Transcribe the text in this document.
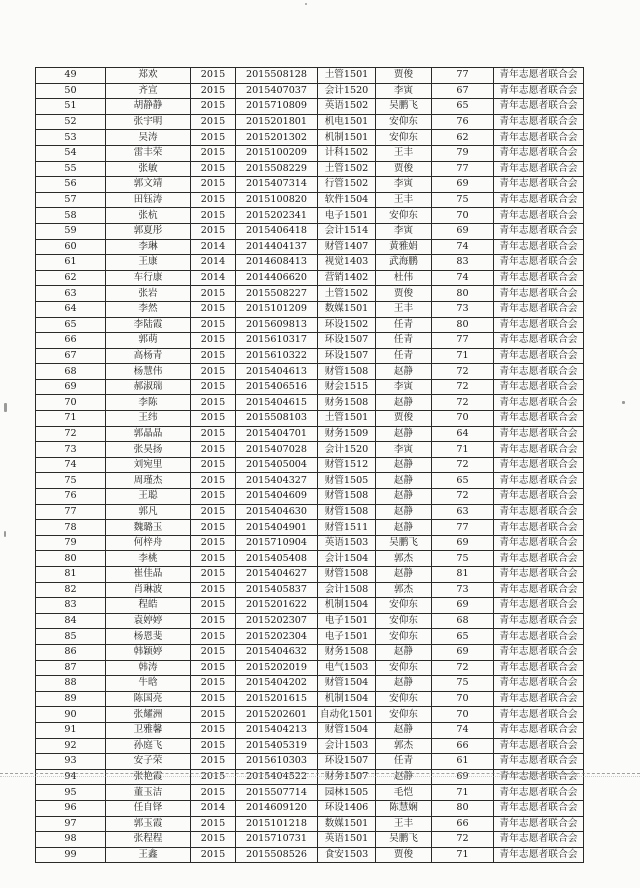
49	郑欢	2015	2015508128	土管1501	贾俊	77	青年志愿者联合会
50	齐宣	2015	2015407037	会计1520	李寅	67	青年志愿者联合会
51	胡静静	2015	2015710809	英语1502	吴鹏飞	65	青年志愿者联合会
52	张宇明	2015	2015201801	机电1501	安仰东	76	青年志愿者联合会
53	吴涛	2015	2015201302	机制1501	安仰东	62	青年志愿者联合会
54	雷丰荣	2015	2015100209	计科1502	王丰	79	青年志愿者联合会
55	张敏	2015	2015508229	土管1502	贾俊	77	青年志愿者联合会
56	郭文靖	2015	2015407314	行管1502	李寅	69	青年志愿者联合会
57	田钰涛	2015	2015100820	软件1504	王丰	75	青年志愿者联合会
58	张杭	2015	2015202341	电子1501	安仰东	70	青年志愿者联合会
59	郭夏彤	2015	2015406418	会计1514	李寅	69	青年志愿者联合会
60	李琳	2014	2014404137	财管1407	黄雅娟	74	青年志愿者联合会
61	王康	2014	2014608413	视觉1403	武海鹏	83	青年志愿者联合会
62	车行康	2014	2014406620	营销1402	杜伟	74	青年志愿者联合会
63	张岩	2015	2015508227	土管1502	贾俊	80	青年志愿者联合会
64	李然	2015	2015101209	数媒1501	王丰	73	青年志愿者联合会
65	李陆霞	2015	2015609813	环设1502	任青	80	青年志愿者联合会
66	郭萌	2015	2015610317	环设1507	任青	77	青年志愿者联合会
67	高杨青	2015	2015610322	环设1507	任青	71	青年志愿者联合会
68	杨慧伟	2015	2015404613	财管1508	赵静	72	青年志愿者联合会
69	郝淑瑞	2015	2015406516	财会1515	李寅	72	青年志愿者联合会
70	李陈	2015	2015404615	财务1508	赵静	72	青年志愿者联合会
71	王纬	2015	2015508103	土管1501	贾俊	70	青年志愿者联合会
72	郭晶晶	2015	2015404701	财务1509	赵静	64	青年志愿者联合会
73	张昊扬	2015	2015407028	会计1520	李寅	71	青年志愿者联合会
74	刘宛里	2015	2015405004	财管1512	赵静	72	青年志愿者联合会
75	周瑾杰	2015	2015404327	财管1505	赵静	65	青年志愿者联合会
76	王聪	2015	2015404609	财管1508	赵静	72	青年志愿者联合会
77	郭凡	2015	2015404630	财管1508	赵静	63	青年志愿者联合会
78	魏璐玉	2015	2015404901	财管1511	赵静	77	青年志愿者联合会
79	何梓舟	2015	2015710904	英语1503	吴鹏飞	69	青年志愿者联合会
80	李桃	2015	2015405408	会计1504	郭杰	75	青年志愿者联合会
81	崔佳晶	2015	2015404627	财管1508	赵静	81	青年志愿者联合会
82	肖琳波	2015	2015405837	会计1508	郭杰	73	青年志愿者联合会
83	程皓	2015	2015201622	机制1504	安仰东	69	青年志愿者联合会
84	袁婷婷	2015	2015202307	电子1501	安仰东	68	青年志愿者联合会
85	杨恩斐	2015	2015202304	电子1501	安仰东	65	青年志愿者联合会
86	韩颖婷	2015	2015404632	财务1508	赵静	69	青年志愿者联合会
87	韩涛	2015	2015202019	电气1503	安仰东	72	青年志愿者联合会
88	牛晗	2015	2015404202	财管1504	赵静	75	青年志愿者联合会
89	陈国亮	2015	2015201615	机制1504	安仰东	70	青年志愿者联合会
90	张耀洲	2015	2015202601	自动化1501	安仰东	70	青年志愿者联合会
91	卫雅馨	2015	2015404213	财管1504	赵静	74	青年志愿者联合会
92	孙庭飞	2015	2015405319	会计1503	郭杰	66	青年志愿者联合会
93	安子荣	2015	2015610303	环设1507	任青	61	青年志愿者联合会
94	张艳霞	2015	2015404522	财务1507	赵静	69	青年志愿者联合会
95	董玉洁	2015	2015507714	园林1505	毛恺	71	青年志愿者联合会
96	任自铎	2014	2014609120	环设1406	陈慧娴	80	青年志愿者联合会
97	郭玉霞	2015	2015101218	数媒1501	王丰	66	青年志愿者联合会
98	张程程	2015	2015710731	英语1501	吴鹏飞	72	青年志愿者联合会
99	王鑫	2015	2015508526	食安1503	贾俊	71	青年志愿者联合会
